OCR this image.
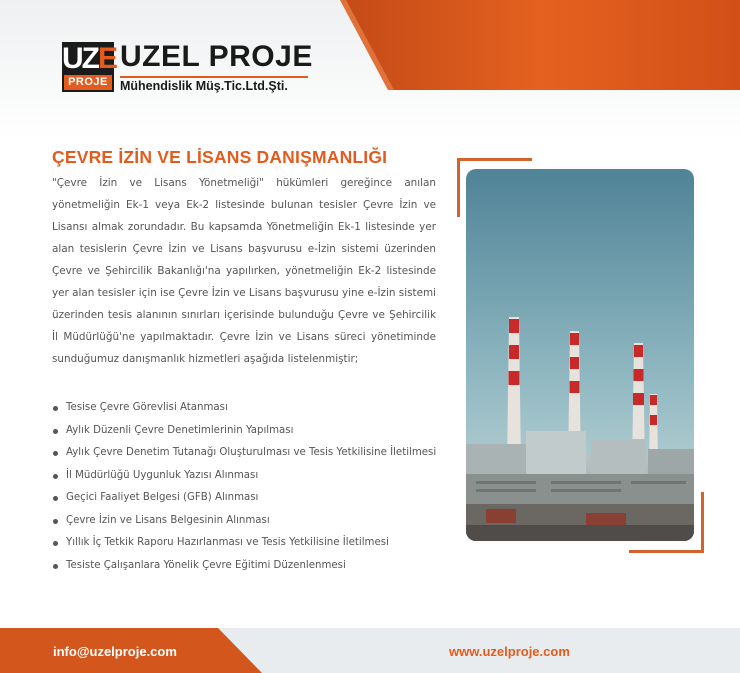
UZE
PROJE
UZEL PROJE
Mühendislik Müş.Tic.Ltd.Şti.
ÇEVRE İZİN VE LİSANS DANIŞMANLIĞI
"Çevre İzin ve Lisans Yönetmeliği" hükümleri gereğince anılan yönetmeliğin Ek-1 veya Ek-2 listesinde bulunan tesisler Çevre İzin ve Lisansı almak zorundadır. Bu kapsamda Yönetmeliğin Ek-1 listesinde yer alan tesislerin Çevre İzin ve Lisans başvurusu e-İzin sistemi üzerinden Çevre ve Şehircilik Bakanlığı'na yapılırken, yönetmeliğin Ek-2 listesinde yer alan tesisler için ise Çevre İzin ve Lisans başvurusu yine e-İzin sistemi üzerinden tesis alanının sınırları içerisinde bulunduğu Çevre ve Şehircilik İl Müdürlüğü'ne yapılmaktadır. Çevre İzin ve Lisans süreci yönetiminde sunduğumuz danışmanlık hizmetleri aşağıda listelenmiştir;
Tesise Çevre Görevlisi Atanması
Aylık Düzenli Çevre Denetimlerinin Yapılması
Aylık Çevre Denetim Tutanağı Oluşturulması ve Tesis Yetkilisine İletilmesi
İl Müdürlüğü Uygunluk Yazısı Alınması
Geçici Faaliyet Belgesi (GFB) Alınması
Çevre İzin ve Lisans Belgesinin Alınması
Yıllık İç Tetkik Raporu Hazırlanması ve Tesis Yetkilisine İletilmesi
Tesiste Çalışanlara Yönelik Çevre Eğitimi Düzenlenmesi
info@uzelproje.com	www.uzelproje.com
